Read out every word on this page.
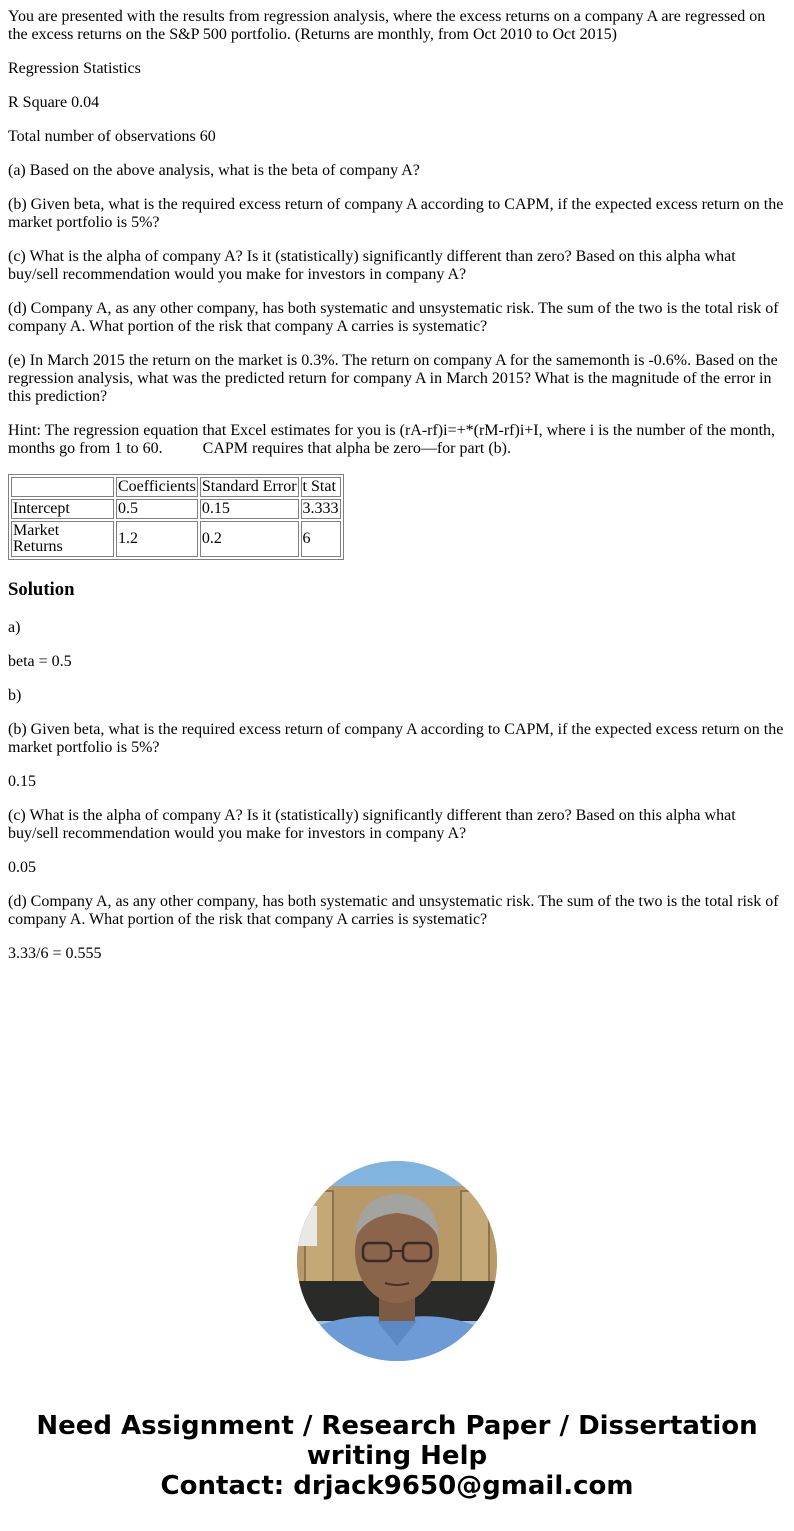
You are presented with the results from regression analysis, where the excess returns on a company A are regressed on the excess returns on the S&P 500 portfolio. (Returns are monthly, from Oct 2010 to Oct 2015)

Regression Statistics

R Square 0.04

Total number of observations 60

(a) Based on the above analysis, what is the beta of company A?

(b) Given beta, what is the required excess return of company A according to CAPM, if the expected excess return on the market portfolio is 5%?

(c) What is the alpha of company A? Is it (statistically) significantly different than zero? Based on this alpha what buy/sell recommendation would you make for investors in company A?

(d) Company A, as any other company, has both systematic and unsystematic risk. The sum of the two is the total risk of company A. What portion of the risk that company A carries is systematic?

(e) In March 2015 the return on the market is 0.3%. The return on company A for the samemonth is -0.6%. Based on the regression analysis, what was the predicted return for company A in March 2015? What is the magnitude of the error in this prediction?

Hint: The regression equation that Excel estimates for you is (rA-rf)i=+*(rM-rf)i+I, where i is the number of the month, months go from 1 to 60.          CAPM requires that alpha be zero—for part (b).

	Coefficients	Standard Error	t Stat
Intercept	0.5	0.15	3.333
Market Returns	1.2	0.2	6
Solution

a)

beta = 0.5

b)

(b) Given beta, what is the required excess return of company A according to CAPM, if the expected excess return on the market portfolio is 5%?

0.15

(c) What is the alpha of company A? Is it (statistically) significantly different than zero? Based on this alpha what buy/sell recommendation would you make for investors in company A?

0.05

(d) Company A, as any other company, has both systematic and unsystematic risk. The sum of the two is the total risk of company A. What portion of the risk that company A carries is systematic?

3.33/6 = 0.555

Need Assignment / Research Paper / Dissertation
writing Help
Contact: drjack9650@gmail.com
